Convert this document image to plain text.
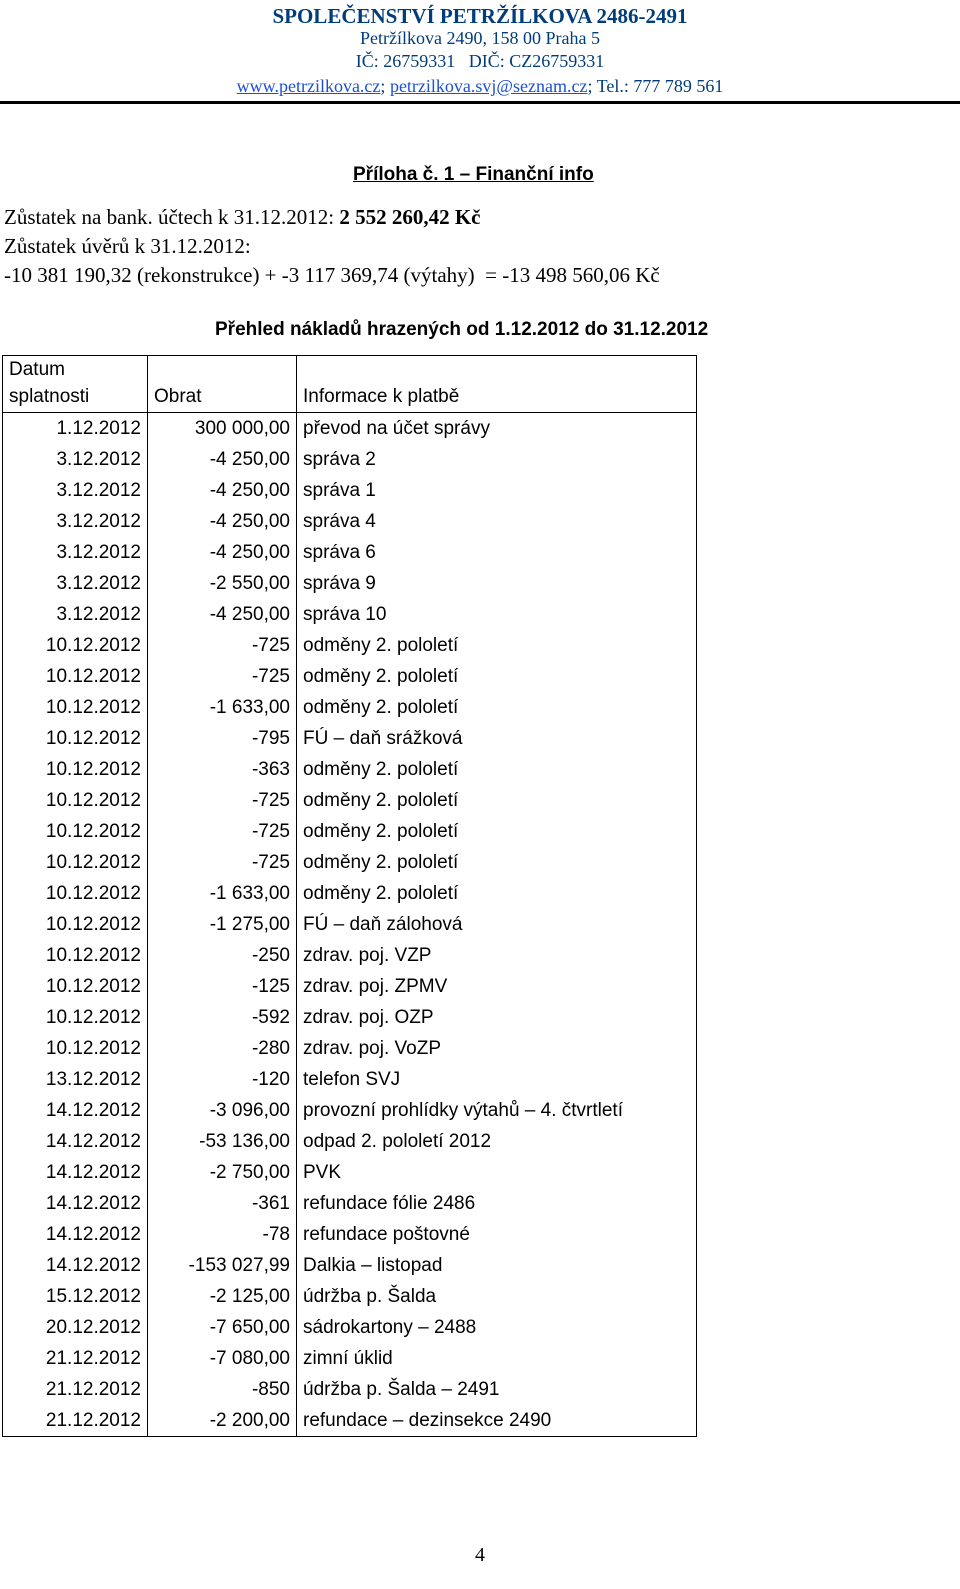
SPOLEČENSTVÍ PETRŽÍLKOVA 2486-2491
Petržílkova 2490, 158 00 Praha 5
IČ: 26759331   DIČ: CZ26759331
www.petrzilkova.cz; petrzilkova.svj@seznam.cz; Tel.: 777 789 561
Příloha č. 1 – Finanční info
Zůstatek na bank. účtech k 31.12.2012: 2 552 260,42 Kč
Zůstatek úvěrů k 31.12.2012:
-10 381 190,32 (rekonstrukce) + -3 117 369,74 (výtahy)  = -13 498 560,06 Kč
Přehled nákladů hrazených od 1.12.2012 do 31.12.2012
Datum
splatnosti	Obrat	Informace k platbě
1.12.2012	300 000,00	převod na účet správy
3.12.2012	-4 250,00	správa 2
3.12.2012	-4 250,00	správa 1
3.12.2012	-4 250,00	správa 4
3.12.2012	-4 250,00	správa 6
3.12.2012	-2 550,00	správa 9
3.12.2012	-4 250,00	správa 10
10.12.2012	-725	odměny 2. pololetí
10.12.2012	-725	odměny 2. pololetí
10.12.2012	-1 633,00	odměny 2. pololetí
10.12.2012	-795	FÚ – daň srážková
10.12.2012	-363	odměny 2. pololetí
10.12.2012	-725	odměny 2. pololetí
10.12.2012	-725	odměny 2. pololetí
10.12.2012	-725	odměny 2. pololetí
10.12.2012	-1 633,00	odměny 2. pololetí
10.12.2012	-1 275,00	FÚ – daň zálohová
10.12.2012	-250	zdrav. poj. VZP
10.12.2012	-125	zdrav. poj. ZPMV
10.12.2012	-592	zdrav. poj. OZP
10.12.2012	-280	zdrav. poj. VoZP
13.12.2012	-120	telefon SVJ
14.12.2012	-3 096,00	provozní prohlídky výtahů – 4. čtvrtletí
14.12.2012	-53 136,00	odpad 2. pololetí 2012
14.12.2012	-2 750,00	PVK
14.12.2012	-361	refundace fólie 2486
14.12.2012	-78	refundace poštovné
14.12.2012	-153 027,99	Dalkia – listopad
15.12.2012	-2 125,00	údržba p. Šalda
20.12.2012	-7 650,00	sádrokartony – 2488
21.12.2012	-7 080,00	zimní úklid
21.12.2012	-850	údržba p. Šalda – 2491
21.12.2012	-2 200,00	refundace – dezinsekce 2490
4
